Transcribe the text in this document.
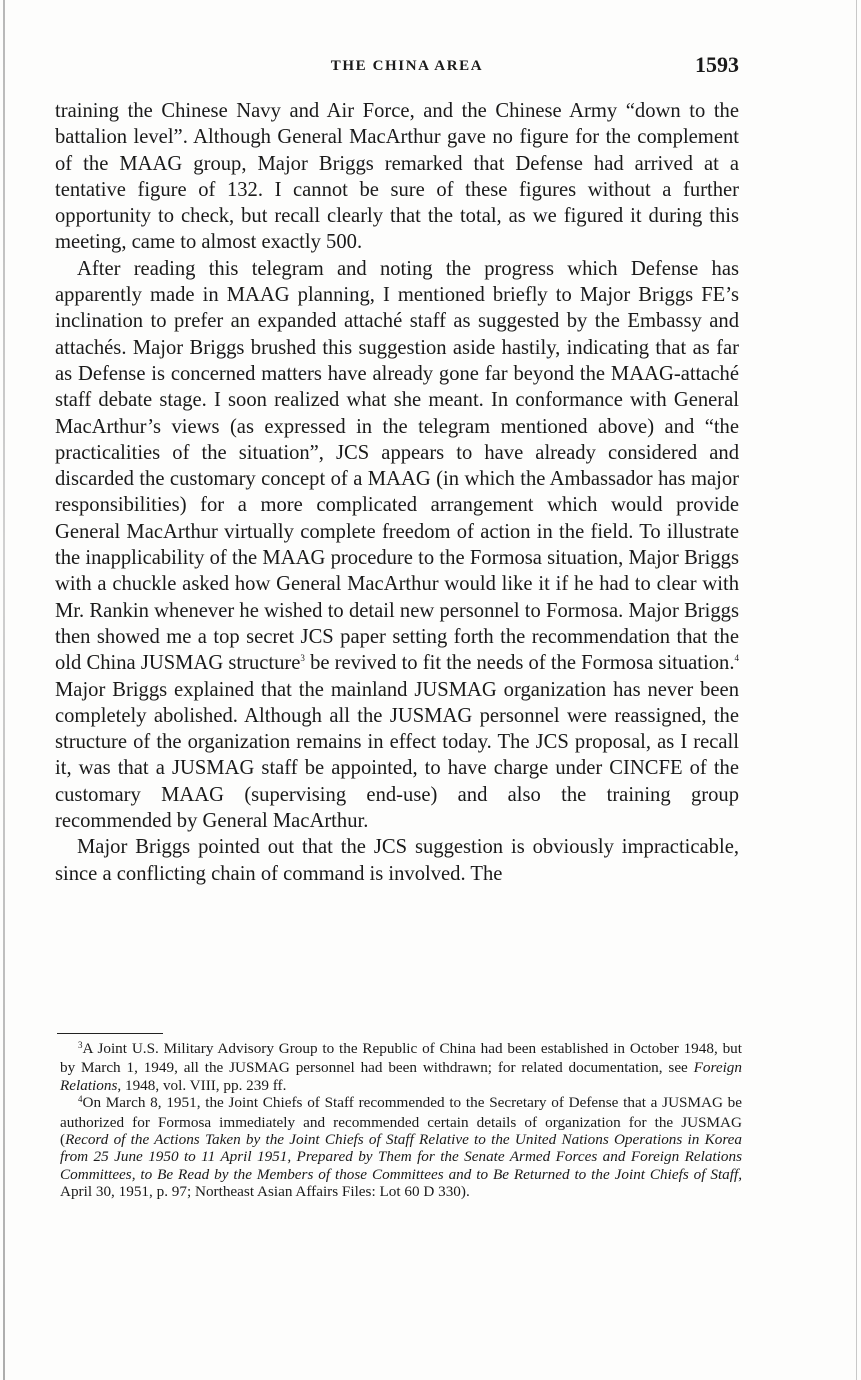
THE CHINA AREA	1593

training the Chinese Navy and Air Force, and the Chinese Army “down to the battalion level”. Although General MacArthur gave no figure for the complement of the MAAG group, Major Briggs remarked that Defense had arrived at a tentative figure of 132. I cannot be sure of these figures without a further opportunity to check, but recall clearly that the total, as we figured it during this meeting, came to almost exactly 500.

After reading this telegram and noting the progress which Defense has apparently made in MAAG planning, I mentioned briefly to Major Briggs FE’s inclination to prefer an expanded attaché staff as suggested by the Embassy and attachés. Major Briggs brushed this suggestion aside hastily, indicating that as far as Defense is concerned matters have already gone far beyond the MAAG-attaché staff debate stage. I soon realized what she meant. In conformance with General MacArthur’s views (as expressed in the telegram mentioned above) and “the practicalities of the situation”, JCS appears to have already considered and discarded the customary concept of a MAAG (in which the Ambassador has major responsibilities) for a more complicated arrangement which would provide General MacArthur virtually complete freedom of action in the field. To illustrate the inapplicability of the MAAG procedure to the Formosa situation, Major Briggs with a chuckle asked how General MacArthur would like it if he had to clear with Mr. Rankin whenever he wished to detail new personnel to Formosa. Major Briggs then showed me a top secret JCS paper setting forth the recommendation that the old China JUSMAG structure$^3$ be revived to fit the needs of the Formosa situation.$^4$ Major Briggs explained that the mainland JUSMAG organization has never been completely abolished. Although all the JUSMAG personnel were reassigned, the structure of the organization remains in effect today. The JCS proposal, as I recall it, was that a JUSMAG staff be appointed, to have charge under CINCFE of the customary MAAG (supervising end-use) and also the training group recommended by General MacArthur.

Major Briggs pointed out that the JCS suggestion is obviously impracticable, since a conflicting chain of command is involved. The

$^3$A Joint U.S. Military Advisory Group to the Republic of China had been established in October 1948, but by March 1, 1949, all the JUSMAG personnel had been withdrawn; for related documentation, see Foreign Relations, 1948, vol. VIII, pp. 239 ff.

$^4$On March 8, 1951, the Joint Chiefs of Staff recommended to the Secretary of Defense that a JUSMAG be authorized for Formosa immediately and recommended certain details of organization for the JUSMAG (Record of the Actions Taken by the Joint Chiefs of Staff Relative to the United Nations Operations in Korea from 25 June 1950 to 11 April 1951, Prepared by Them for the Senate Armed Forces and Foreign Relations Committees, to Be Read by the Members of those Committees and to Be Returned to the Joint Chiefs of Staff, April 30, 1951, p. 97; Northeast Asian Affairs Files: Lot 60 D 330).
